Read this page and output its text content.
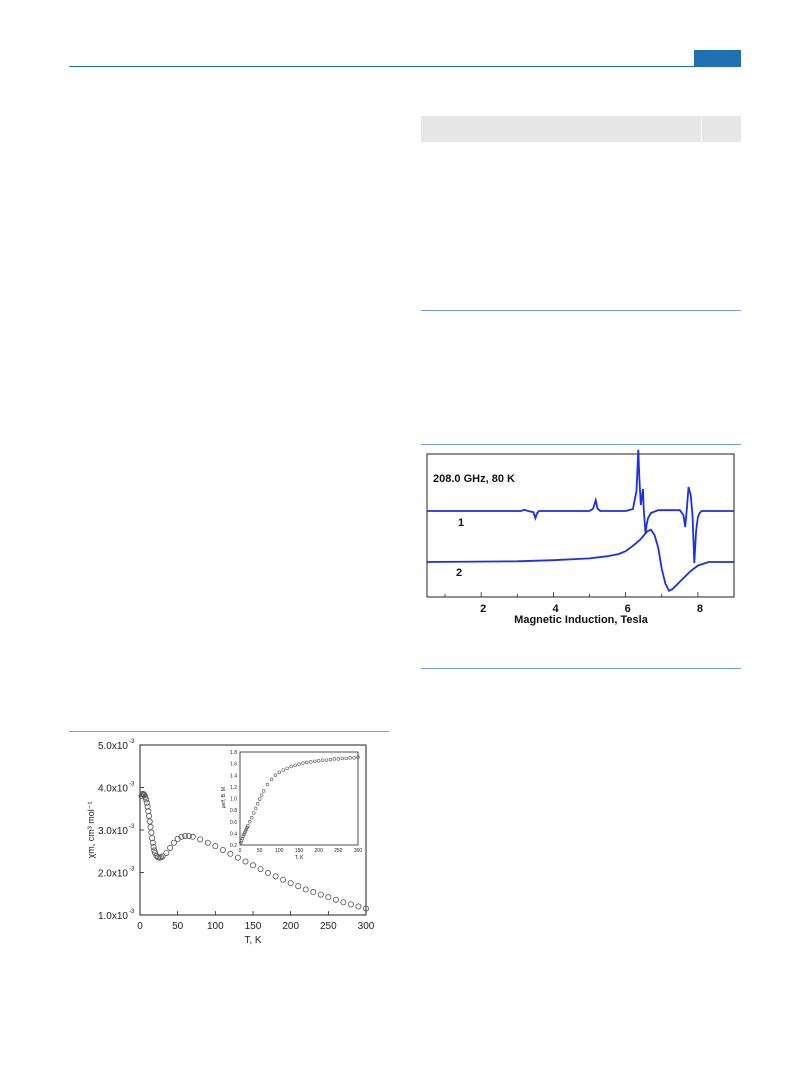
5.0x10 -3
4.0x10 -3
3.0x10 -3
2.0x10 -3
1.0x10 -3
0	50 100 150 200 250 300
T, K
χm, cm³ mol⁻¹	0.2
0.4
0.6
0.8
1.0
1.2
1.4
1.6
1.8
0	50	100 150 200 250 300
T, K
μeff, B. M.
208.0 GHz, 80 K
1
2
2	4	6	8
Magnetic Induction, Tesla
